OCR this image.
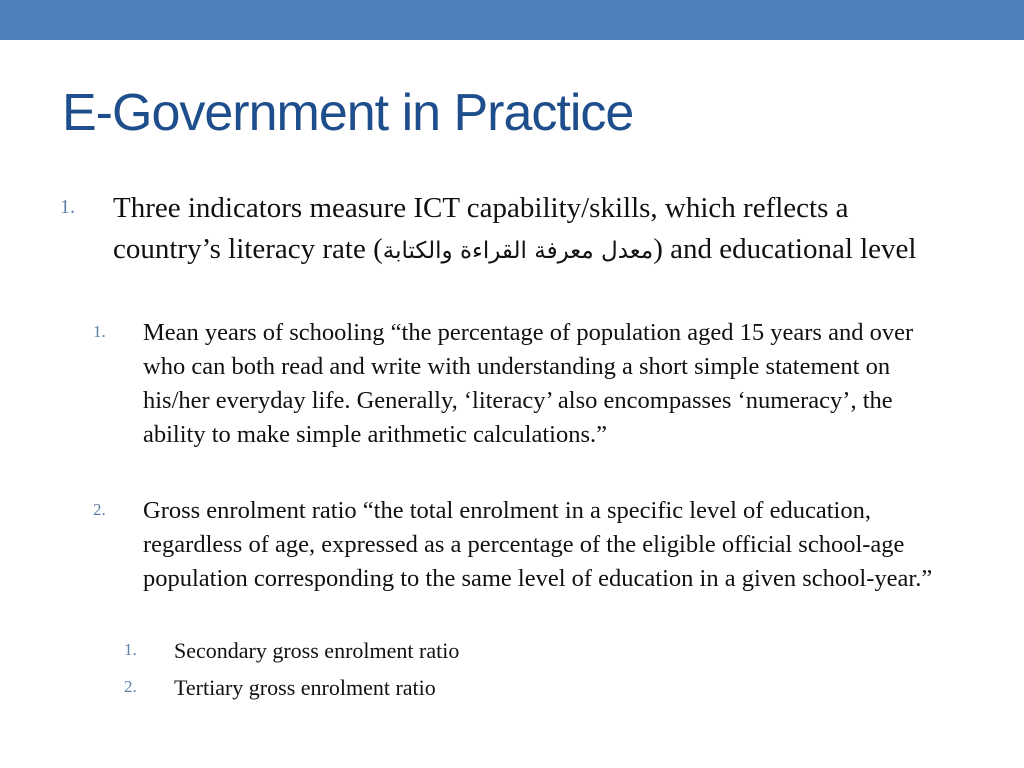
E-Government in Practice
1. Three indicators measure ICT capability/skills, which reflects a country’s literacy rate (معدل معرفة القراءة والكتابة) and educational level
1. Mean years of schooling “the percentage of population aged 15 years and over who can both read and write with understanding a short simple statement on his/her everyday life. Generally, ‘literacy’ also encompasses ‘numeracy’, the ability to make simple arithmetic calculations.”
2. Gross enrolment ratio “the total enrolment in a specific level of education, regardless of age, expressed as a percentage of the eligible official school-age population corresponding to the same level of education in a given school-year.”
1. Secondary gross enrolment ratio
2. Tertiary gross enrolment ratio
